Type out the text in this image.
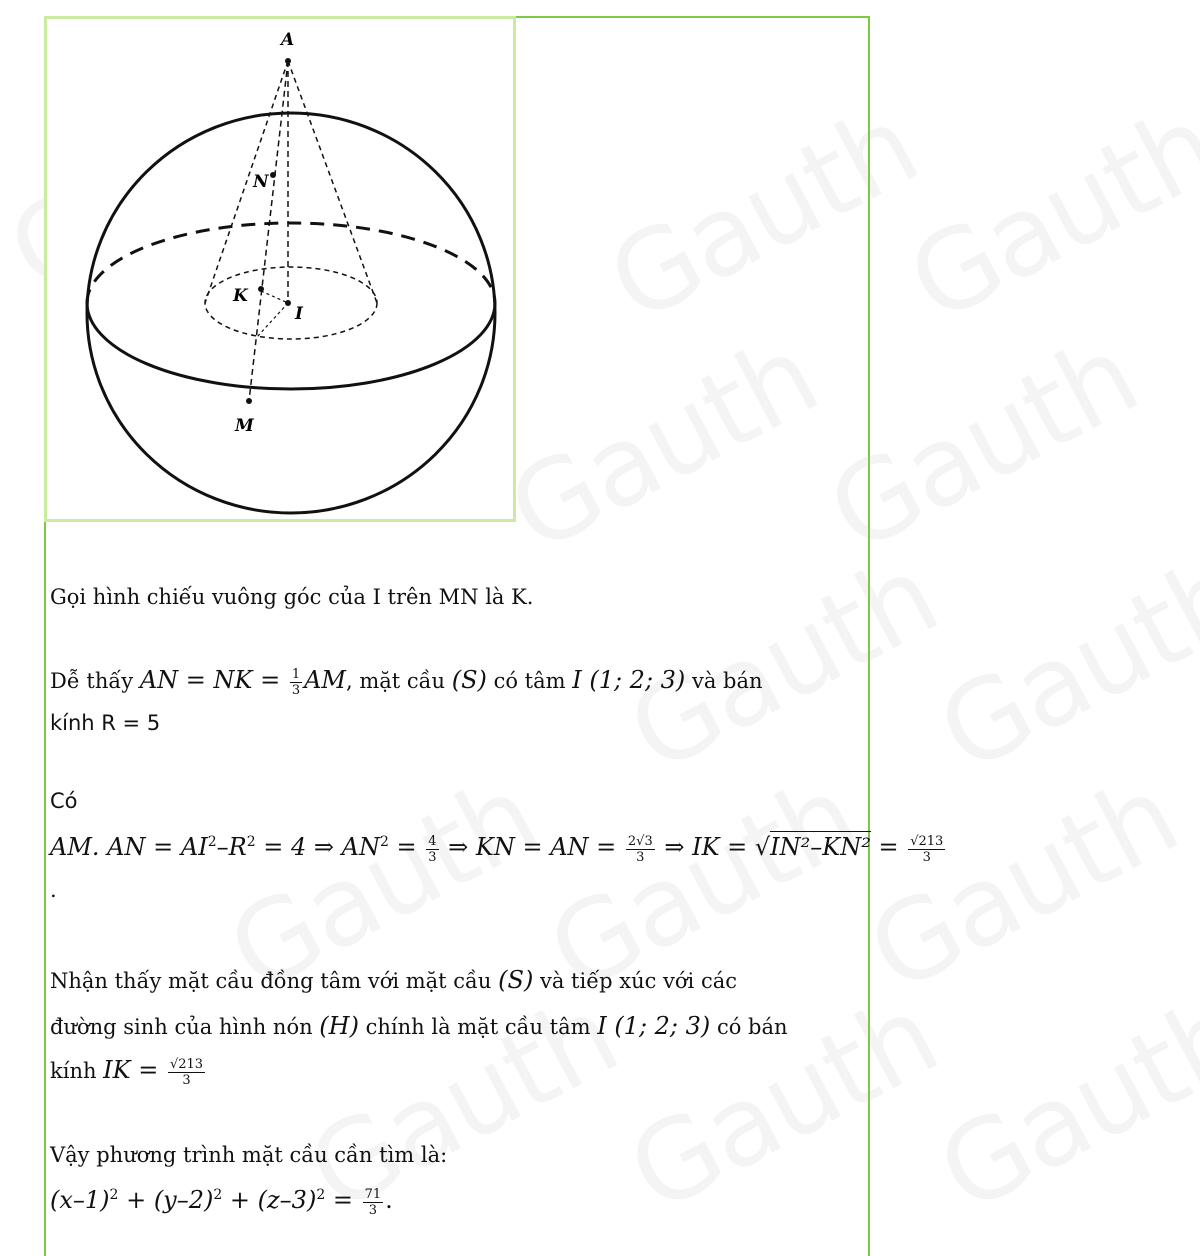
A
N
K
I
M
Gọi hình chiếu vuông góc của I trên MN là K.
Dễ thấy AN = NK = $\frac{1}{3}$ AM, mặt cầu (S) có tâm I (1; 2; 3) và bán
kính R = 5
Có
AM. AN = $AI^2-R^2 = 4$ ⇒ $AN^2 = \frac{4}{3}$ ⇒ KN = AN = $\frac{2√3}{3}$ ⇒ IK = $√IN^2-KN^2 = \frac{√213}{3}$
.
Nhận thấy mặt cầu đồng tâm với mặt cầu (S) và tiếp xúc với các
đường sinh của hình nón (H) chính là mặt cầu tâm I (1; 2; 3) có bán
kính IK = $\frac{√213}{3}$
Vậy phương trình mặt cầu cần tìm là:
$(x-1)^2 + (y-2)^2 + (z-3)^2 = \frac{71}{3}$ .
